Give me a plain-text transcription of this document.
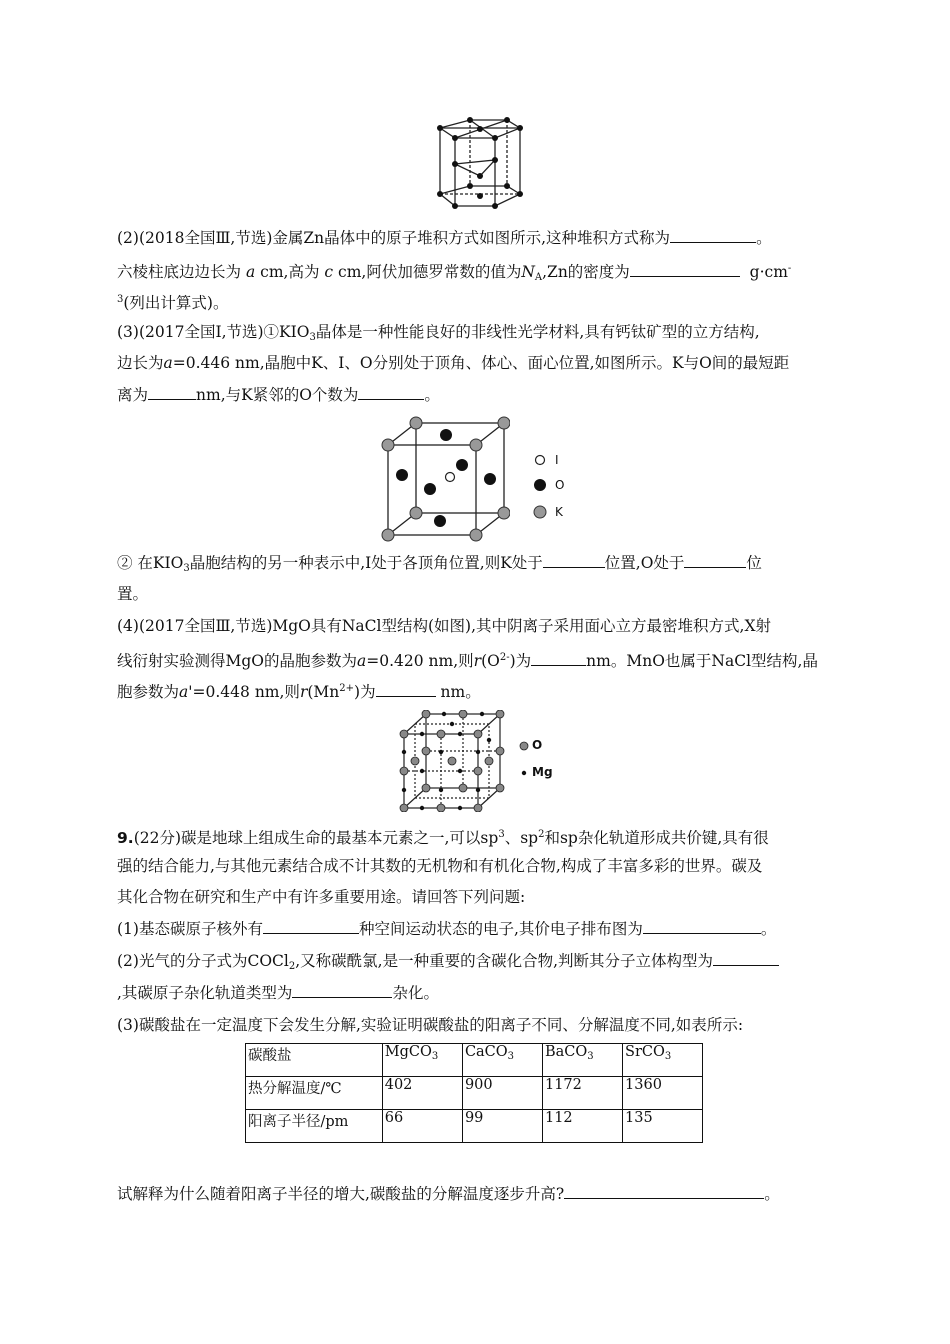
(2)(2018全国Ⅲ,节选)金属Zn晶体中的原子堆积方式如图所示,这种堆积方式称为	。
六棱柱底边边长为 a cm,高为 c cm,阿伏加德罗常数的值为$N_A,Zn$的密度为	g·cm-
$^3$(列出计算式)。
(3)(2017全国Ⅰ,节选)$①KIO_3$晶体是一种性能良好的非线性光学材料,具有钙钛矿型的立方结构,
边长为a=0.446 nm,晶胞中K、I、O分别处于顶角、体心、面心位置,如图所示。K与O间的最短距
离为	nm,与K紧邻的O个数为	。
I
O
K
② 在$KIO_3$晶胞结构的另一种表示中,I处于各顶角位置,则K处于	位置,O处于	位
置。
(4)(2017全国Ⅲ,节选)MgO具有NaCl型结构(如图),其中阴离子采用面心立方最密堆积方式,X射
线衍射实验测得MgO的晶胞参数为a=0.420 nm,则$r(O^{2-})$为	nm。MnO也属于NaCl型结构,晶
胞参数为a'=0.448 nm,则$r(Mn^{2+})$为	nm。
O
Mg
9.(22分)碳是地球上组成生命的最基本元素之一,可以$sp^3$、$sp^2$和sp杂化轨道形成共价键,具有很
强的结合能力,与其他元素结合成不计其数的无机物和有机化合物,构成了丰富多彩的世界。碳及
其化合物在研究和生产中有许多重要用途。请回答下列问题:
(1)基态碳原子核外有	种空间运动状态的电子,其价电子排布图为	。
(2)光气的分子式为COCl$_2$,又称碳酰氯,是一种重要的含碳化合物,判断其分子立体构型为
,其碳原子杂化轨道类型为	杂化。
(3)碳酸盐在一定温度下会发生分解,实验证明碳酸盐的阳离子不同、分解温度不同,如表所示:
碳酸盐	MgCO$_3$	CaCO$_3$	BaCO$_3$	SrCO$_3$
热分解温度/℃	402	900	1172	1360
阳离子半径/pm	66	99	112	135
试解释为什么随着阳离子半径的增大,碳酸盐的分解温度逐步升高?	。
